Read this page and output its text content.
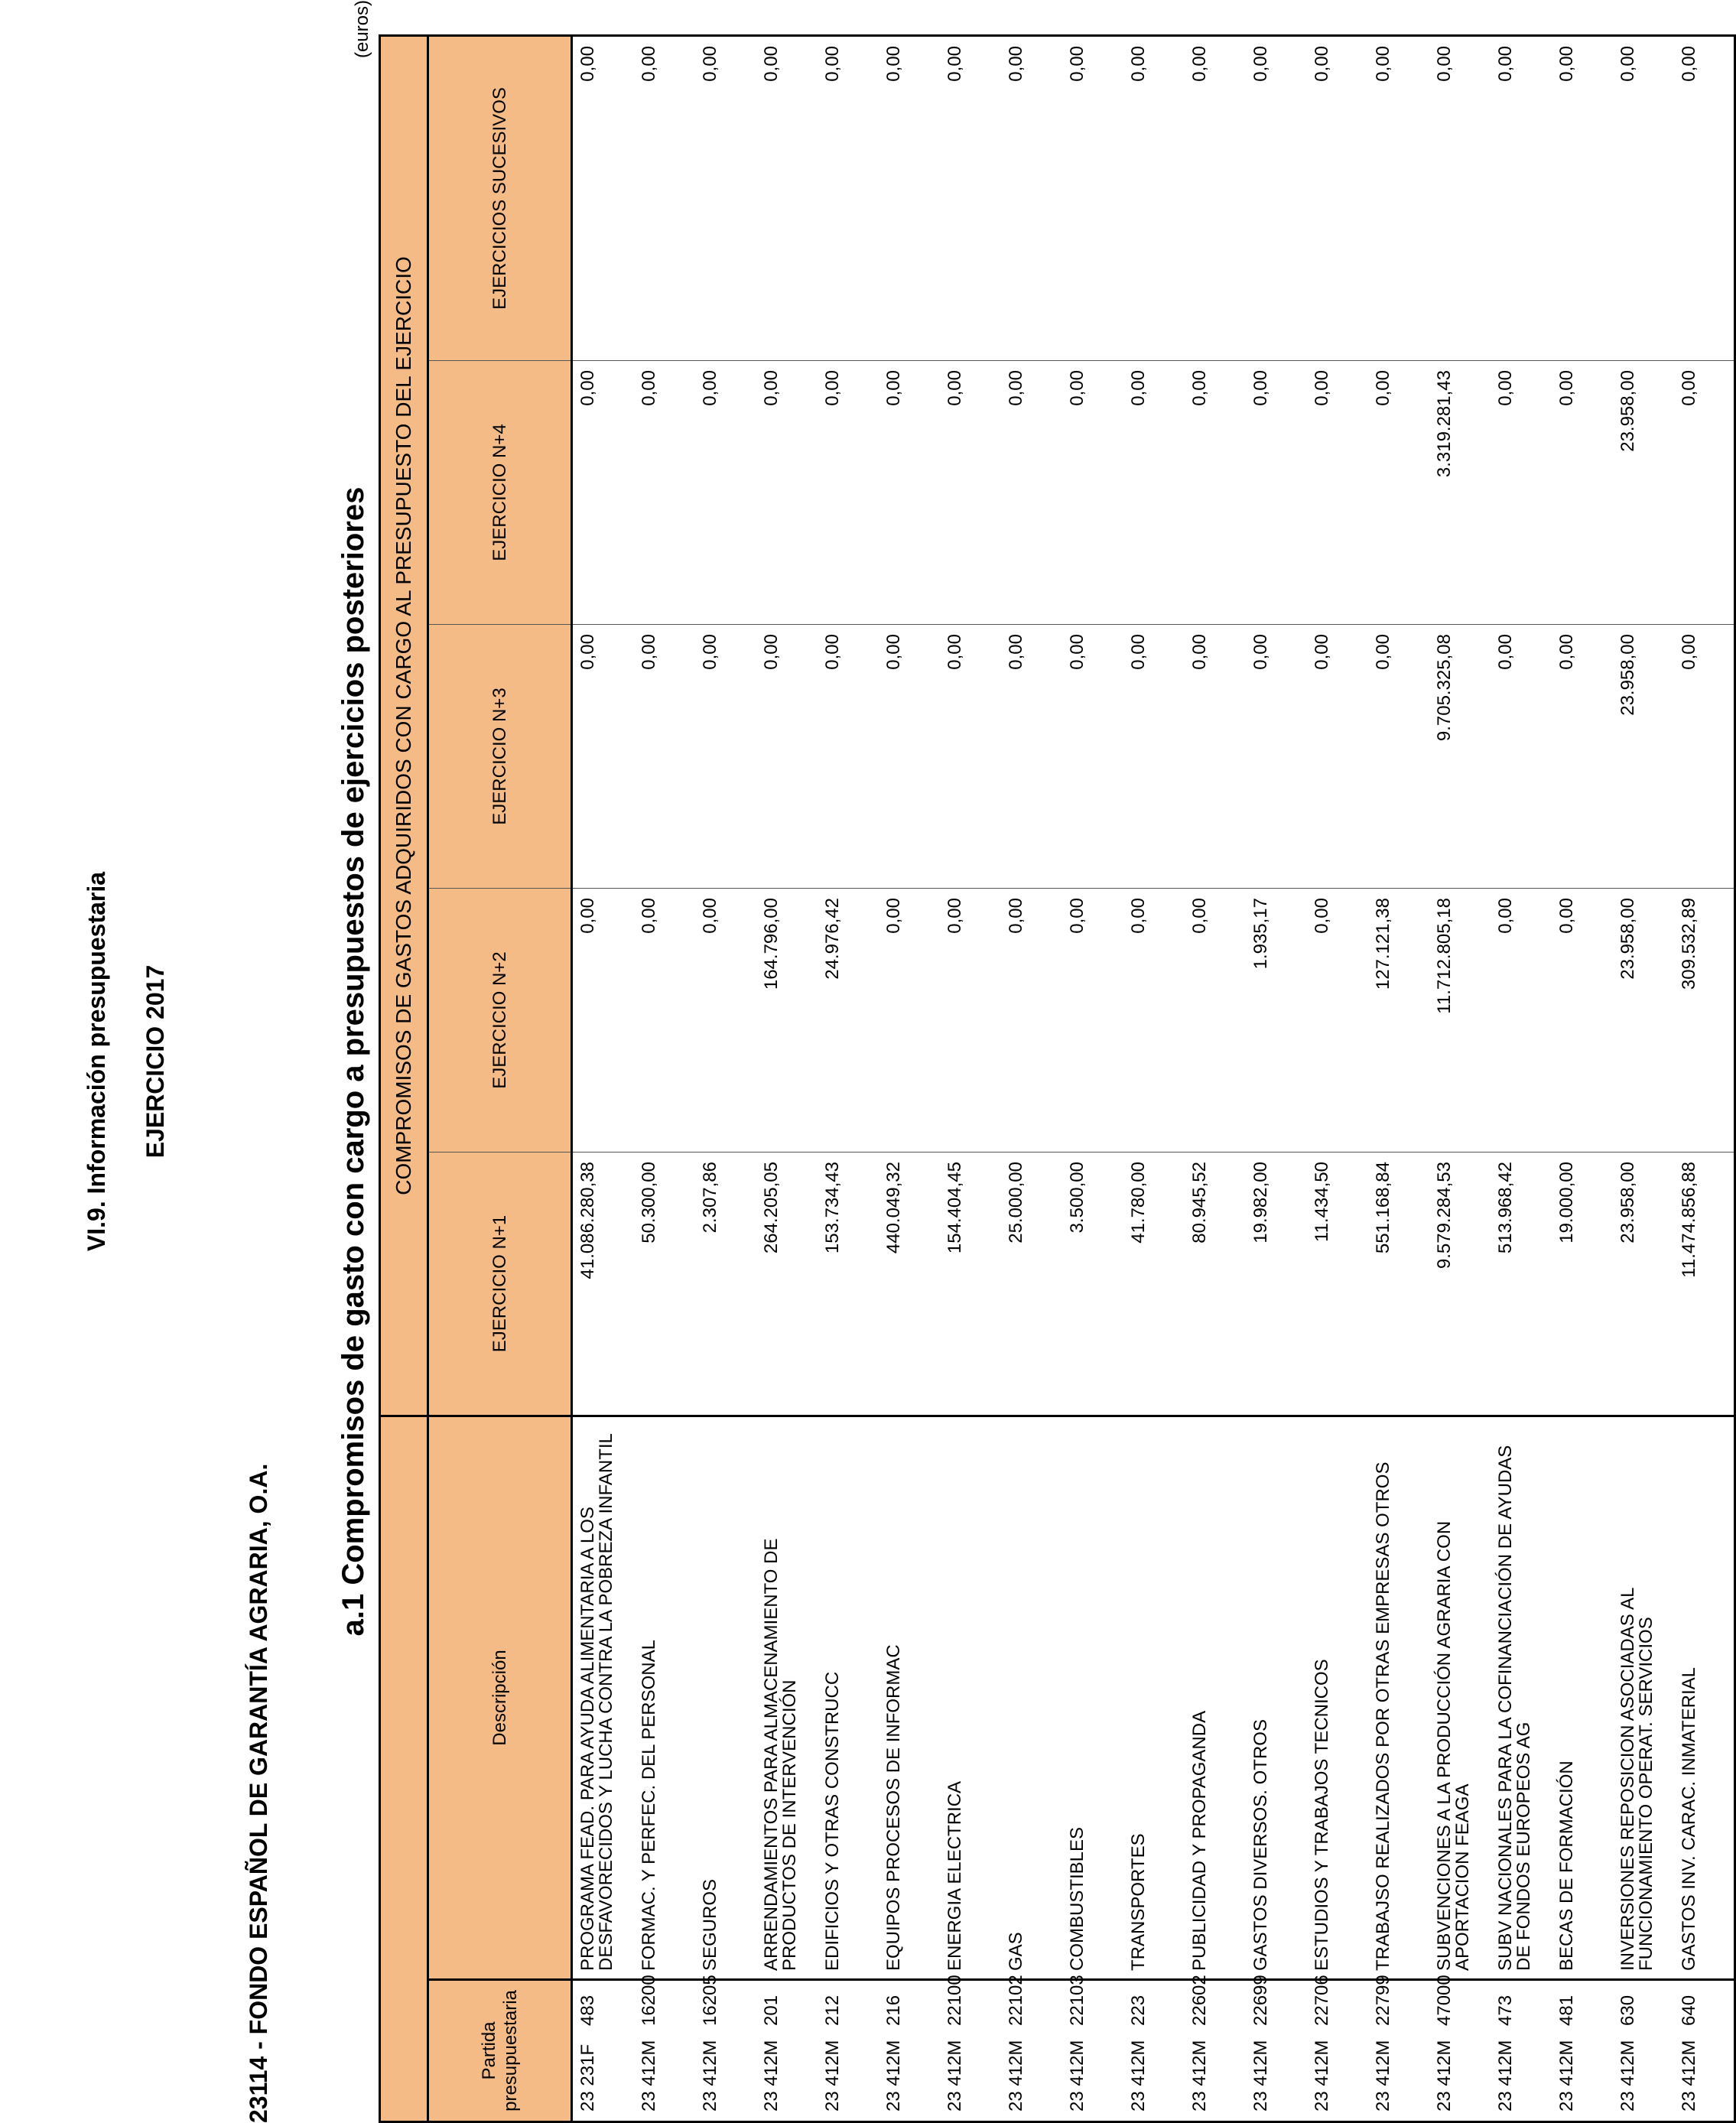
VI.9. Información presupuestaria EJERCICIO 2017
23114 - FONDO ESPAÑOL DE GARANTÍA AGRARIA, O.A.
a.1 Compromisos de gasto con cargo a presupuestos de ejercicios posteriores
(euros)
		COMPROMISOS DE GASTOS ADQUIRIDOS CON CARGO AL PRESUPUESTO DEL EJERCICIO				
Partida presupuestaria	Descripción	EJERCICIO N+1	EJERCICIO N+2	EJERCICIO N+3	EJERCICIO N+4	EJERCICIOS SUCESIVOS
23 231F483	PROGRAMA FEAD. PARA AYUDA ALIMENTARIA A LOS DESFAVORECIDOS Y LUCHA CONTRA LA POBREZA INFANTIL	41.086.280,38	0,00	0,00	0,00	0,00
23 412M16200	FORMAC. Y PERFEC. DEL PERSONAL	50.300,00	0,00	0,00	0,00	0,00
23 412M16205	SEGUROS	2.307,86	0,00	0,00	0,00	0,00
23 412M201	ARRENDAMIENTOS PARA ALMACENAMIENTO DE PRODUCTOS DE INTERVENCIÓN	264.205,05	164.796,00	0,00	0,00	0,00
23 412M212	EDIFICIOS Y OTRAS CONSTRUCC	153.734,43	24.976,42	0,00	0,00	0,00
23 412M216	EQUIPOS PROCESOS DE INFORMAC	440.049,32	0,00	0,00	0,00	0,00
23 412M22100	ENERGIA ELECTRICA	154.404,45	0,00	0,00	0,00	0,00
23 412M22102	GAS	25.000,00	0,00	0,00	0,00	0,00
23 412M22103	COMBUSTIBLES	3.500,00	0,00	0,00	0,00	0,00
23 412M223	TRANSPORTES	41.780,00	0,00	0,00	0,00	0,00
23 412M22602	PUBLICIDAD Y PROPAGANDA	80.945,52	0,00	0,00	0,00	0,00
23 412M22699	GASTOS DIVERSOS. OTROS	19.982,00	1.935,17	0,00	0,00	0,00
23 412M22706	ESTUDIOS Y TRABAJOS TECNICOS	11.434,50	0,00	0,00	0,00	0,00
23 412M22799	TRABAJSO REALIZADOS POR OTRAS EMPRESAS OTROS	551.168,84	127.121,38	0,00	0,00	0,00
23 412M47000	SUBVENCIONES A LA PRODUCCIÓN AGRARIA CON APORTACION FEAGA	9.579.284,53	11.712.805,18	9.705.325,08	3.319.281,43	0,00
23 412M473	SUBV NACIONALES PARA LA COFINANCIACIÓN DE AYUDAS DE FONDOS EUROPEOS AG	513.968,42	0,00	0,00	0,00	0,00
23 412M481	BECAS DE FORMACIÓN	19.000,00	0,00	0,00	0,00	0,00
23 412M630	INVERSIONES REPOSICION ASOCIADAS AL FUNCIONAMIENTO OPERAT. SERVICIOS	23.958,00	23.958,00	23.958,00	23.958,00	0,00
23 412M640	GASTOS INV. CARAC. INMATERIAL	11.474.856,88	309.532,89	0,00	0,00	0,00
